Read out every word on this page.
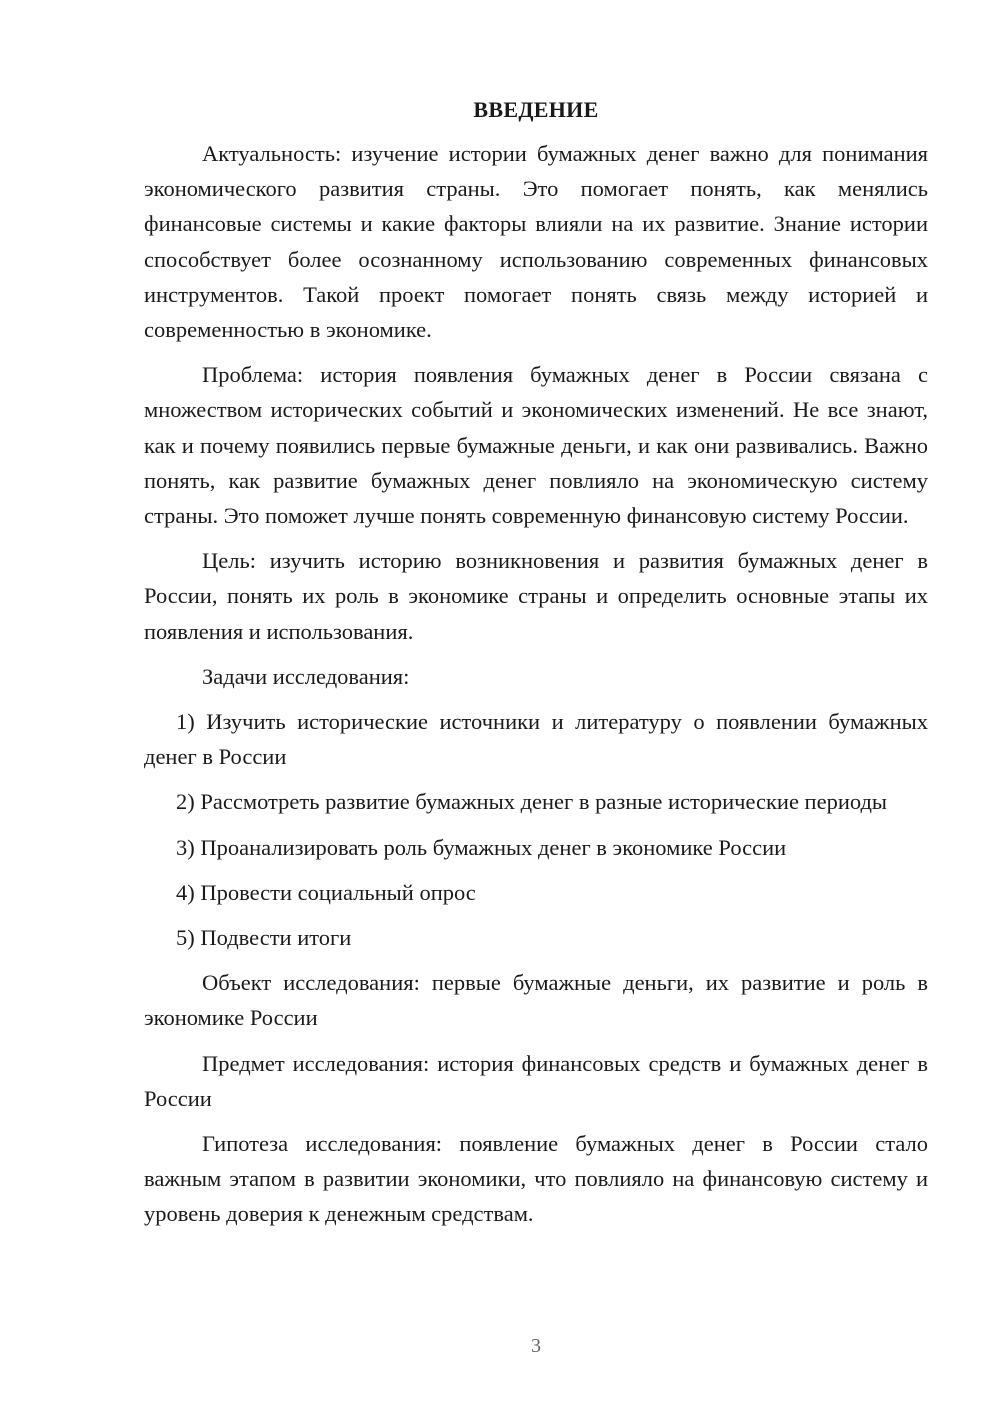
ВВЕДЕНИЕ

Актуальность: изучение истории бумажных денег важно для понимания экономического развития страны. Это помогает понять, как менялись финансовые системы и какие факторы влияли на их развитие. Знание истории способствует более осознанному использованию современных финансовых инструментов. Такой проект помогает понять связь между историей и современностью в экономике.

Проблема: история появления бумажных денег в России связана с множеством исторических событий и экономических изменений. Не все знают, как и почему появились первые бумажные деньги, и как они развивались. Важно понять, как развитие бумажных денег повлияло на экономическую систему страны. Это поможет лучше понять современную финансовую систему России.

Цель: изучить историю возникновения и развития бумажных денег в России, понять их роль в экономике страны и определить основные этапы их появления и использования.

Задачи исследования:

1) Изучить исторические источники и литературу о появлении бумажных денег в России

2) Рассмотреть развитие бумажных денег в разные исторические периоды

3) Проанализировать роль бумажных денег в экономике России

4) Провести социальный опрос

5) Подвести итоги

Объект исследования: первые бумажные деньги, их развитие и роль в экономике России

Предмет исследования: история финансовых средств и бумажных денег в России

Гипотеза исследования: появление бумажных денег в России стало важным этапом в развитии экономики, что повлияло на финансовую систему и уровень доверия к денежным средствам.

3
